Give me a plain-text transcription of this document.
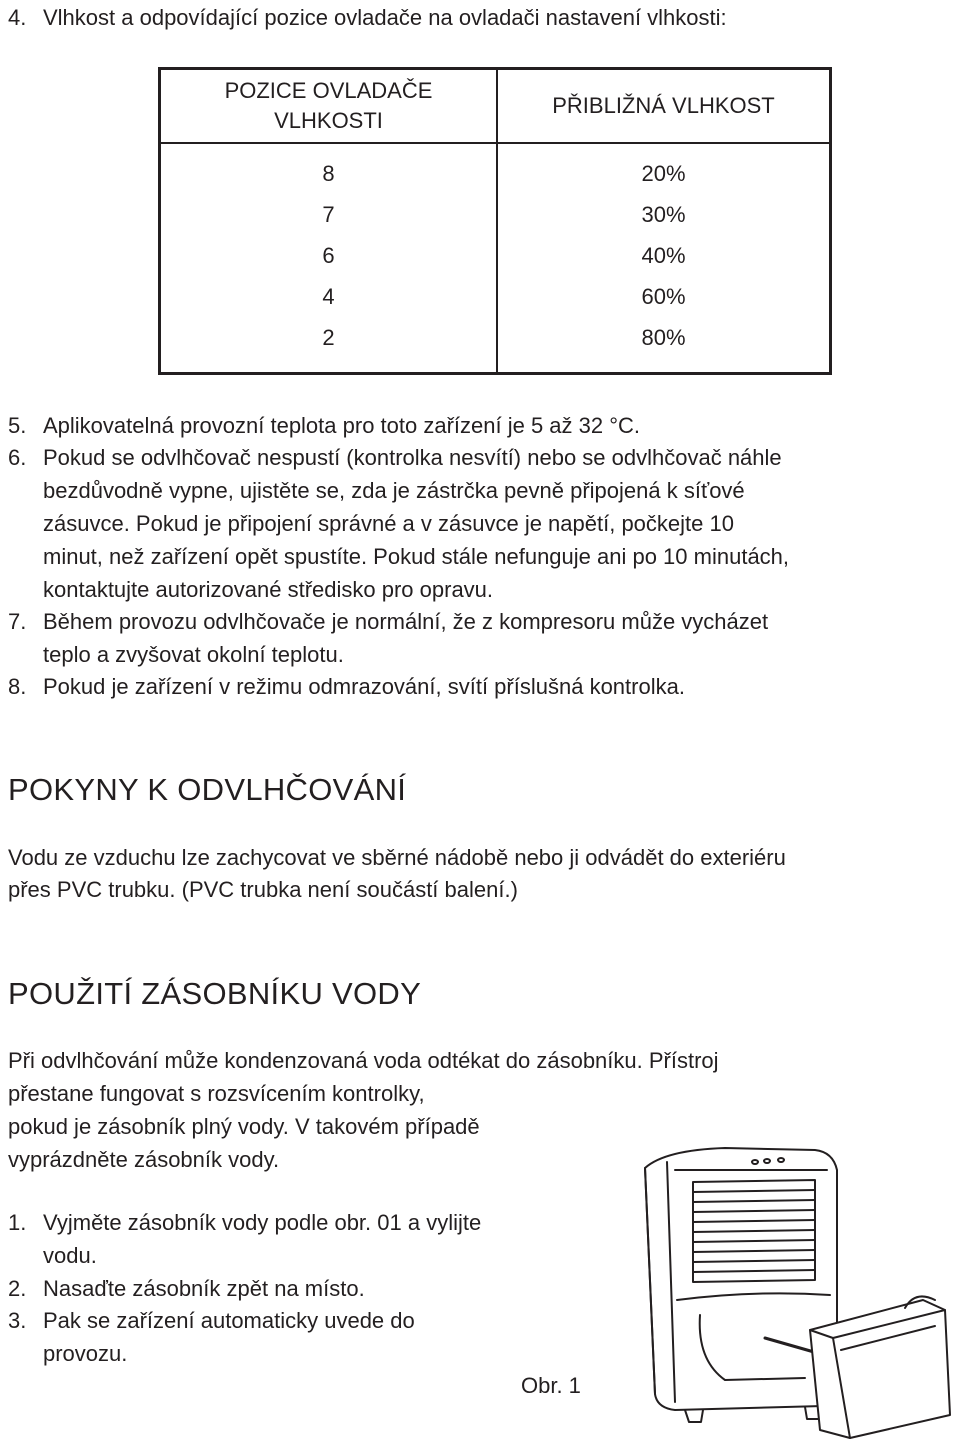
4. Vlhkost a odpovídající pozice ovladače na ovladači nastavení vlhkosti:
POZICE OVLADAČE VLHKOSTI	PŘIBLIŽNÁ VLHKOST
8	20%
7	30%
6	40%
4	60%
2	80%
5. Aplikovatelná provozní teplota pro toto zařízení je 5 až 32 °C.
6. Pokud se odvlhčovač nespustí (kontrolka nesvítí) nebo se odvlhčovač náhle
bezdůvodně vypne, ujistěte se, zda je zástrčka pevně připojená k síťové
zásuvce. Pokud je připojení správné a v zásuvce je napětí, počkejte 10
minut, než zařízení opět spustíte. Pokud stále nefunguje ani po 10 minutách,
kontaktujte autorizované středisko pro opravu.
7. Během provozu odvlhčovače je normální, že z kompresoru může vycházet
teplo a zvyšovat okolní teplotu.
8. Pokud je zařízení v režimu odmrazování, svítí příslušná kontrolka.
POKYNY K ODVLHČOVÁNÍ
Vodu ze vzduchu lze zachycovat ve sběrné nádobě nebo ji odvádět do exteriéru
přes PVC trubku. (PVC trubka není součástí balení.)
POUŽITÍ ZÁSOBNÍKU VODY
Při odvlhčování může kondenzovaná voda odtékat do zásobníku. Přístroj
přestane fungovat s rozsvícením kontrolky,
pokud je zásobník plný vody. V takovém případě
vyprázdněte zásobník vody.
1. Vyjměte zásobník vody podle obr. 01 a vylijte
vodu.
2. Nasaďte zásobník zpět na místo.
3. Pak se zařízení automaticky uvede do
provozu.
Obr. 1
